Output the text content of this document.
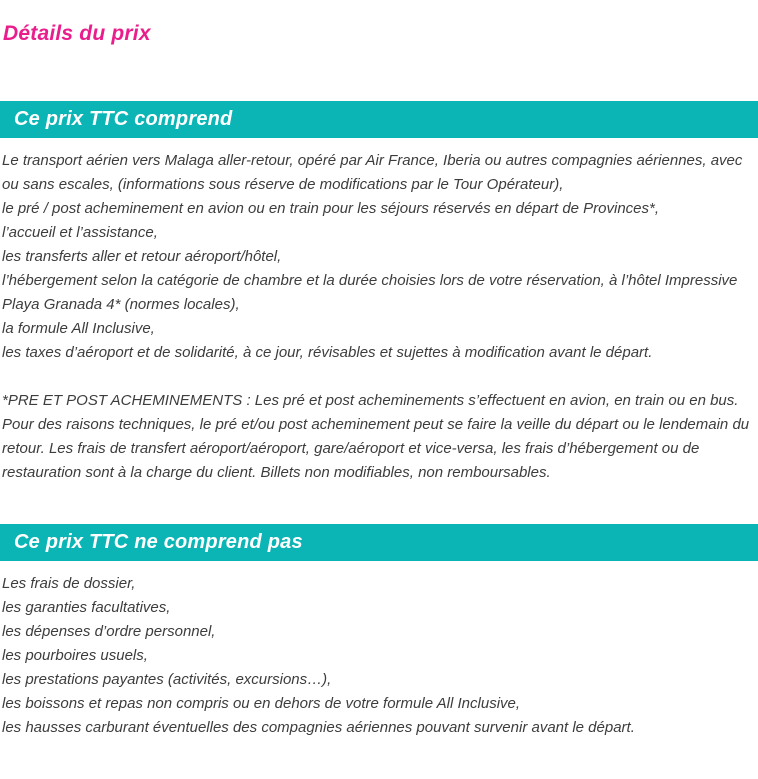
Détails du prix
Ce prix TTC comprend
Le transport aérien vers Malaga aller-retour, opéré par Air France, Iberia ou autres compagnies aériennes, avec ou sans escales, (informations sous réserve de modifications par le Tour Opérateur),
le pré / post acheminement en avion ou en train pour les séjours réservés en départ de Provinces*,
l’accueil et l’assistance,
les transferts aller et retour aéroport/hôtel,
l’hébergement selon la catégorie de chambre et la durée choisies lors de votre réservation, à l’hôtel Impressive Playa Granada 4* (normes locales),
la formule All Inclusive,
les taxes d’aéroport et de solidarité, à ce jour, révisables et sujettes à modification avant le départ.

*PRE ET POST ACHEMINEMENTS : Les pré et post acheminements s’effectuent en avion, en train ou en bus. Pour des raisons techniques, le pré et/ou post acheminement peut se faire la veille du départ ou le lendemain du retour. Les frais de transfert aéroport/aéroport, gare/aéroport et vice-versa, les frais d’hébergement ou de restauration sont à la charge du client. Billets non modifiables, non remboursables.

Ce prix TTC ne comprend pas
Les frais de dossier,
les garanties facultatives,
les dépenses d’ordre personnel,
les pourboires usuels,
les prestations payantes (activités, excursions…),
les boissons et repas non compris ou en dehors de votre formule All Inclusive,
les hausses carburant éventuelles des compagnies aériennes pouvant survenir avant le départ.
